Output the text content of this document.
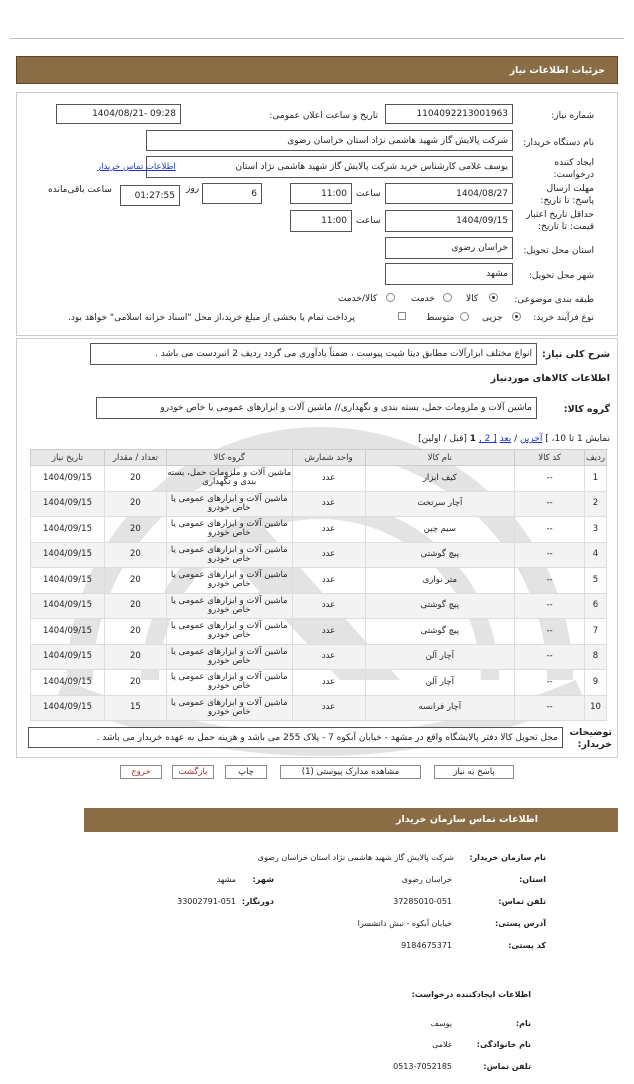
جزئیات اطلاعات نیاز
شماره نیاز:
1104092213001963
تاریخ و ساعت اعلان عمومی:
1404/08/21- 09:28
نام دستگاه خریدار:
شرکت پالایش گاز شهید هاشمی نژاد استان خراسان رضوی
ایجاد کننده درخواست:
یوسف غلامی کارشناس خرید شرکت پالایش گاز شهید هاشمی نژاد استان
اطلاعات تماس خریدار
مهلت ارسال پاسخ: تا تاریخ:
1404/08/27
ساعت
11:00
6
روز
01:27:55
ساعت باقی‌مانده
حداقل تاریخ اعتبار قیمت: تا تاریخ:
1404/09/15
ساعت
11:00
استان محل تحویل:
خراسان رضوی
شهر محل تحویل:
مشهد
طبقه بندی موضوعی:
کالا
خدمت
کالا/خدمت
نوع فرآیند خرید:
جزیی
متوسط
پرداخت تمام یا بخشی از مبلغ خرید،از محل "اسناد خزانه اسلامی" خواهد بود.
شرح کلی نیاز:
انواع مختلف ابزارآلات مطابق دیتا شیت پیوست ، ضمناً یادآوری می گردد ردیف 2 انبردست می باشد .
اطلاعات کالاهای موردنیاز
گروه کالا:
ماشین آلات و ملزومات حمل، بسته بندی و نگهداری// ماشین آلات و ابزارهای عمومی یا خاص خودرو
نمایش 1 تا 10، ] آخرین / بعد [ 2 , 1 [قبل / اولین]
ردیف	کد کالا	نام کالا	واحد شمارش	گروه کالا	تعداد / مقدار	تاریخ نیاز
1	--	کیف ابزار	عدد	ماشین آلات و ملزومات حمل، بسته بندی و نگهداری	20	1404/09/15
2	--	آچار سرتخت	عدد	ماشین آلات و ابزارهای عمومی یا خاص خودرو	20	1404/09/15
3	--	سیم چین	عدد	ماشین آلات و ابزارهای عمومی یا خاص خودرو	20	1404/09/15
4	--	پیچ گوشتی	عدد	ماشین آلات و ابزارهای عمومی یا خاص خودرو	20	1404/09/15
5	--	متر نواری	عدد	ماشین آلات و ابزارهای عمومی یا خاص خودرو	20	1404/09/15
6	--	پیچ گوشتی	عدد	ماشین آلات و ابزارهای عمومی یا خاص خودرو	20	1404/09/15
7	--	پیچ گوشتی	عدد	ماشین آلات و ابزارهای عمومی یا خاص خودرو	20	1404/09/15
8	--	آچار آلن	عدد	ماشین آلات و ابزارهای عمومی یا خاص خودرو	20	1404/09/15
9	--	آچار آلن	عدد	ماشین آلات و ابزارهای عمومی یا خاص خودرو	20	1404/09/15
10	--	آچار فرانسه	عدد	ماشین آلات و ابزارهای عمومی یا خاص خودرو	15	1404/09/15
توضیحات خریدار:
محل تحویل کالا دفتر پالایشگاه واقع در مشهد - خیابان آبکوه 7 - پلاک 255 می باشد و هزینه حمل به عهده خریدار می باشد .
پاسخ به نیاز
مشاهده مدارک پیوستی (1)
چاپ
بازگشت
خروج
اطلاعات تماس سازمان خریدار
نام سازمان خریدار:
شرکت پالایش گاز شهید هاشمی نژاد استان خراسان رضوی
استان:
خراسان رضوی
شهر:
مشهد
تلفن تماس:
37285010-051
دورنگار:
33002791-051
آدرس پستی:
خیابان آبکوه - نبش دانشسرا
کد پستی:
9184675371
اطلاعات ایجادکننده درخواست:
نام:
یوسف
نام خانوادگی:
غلامی
تلفن تماس:
0513-7052185
